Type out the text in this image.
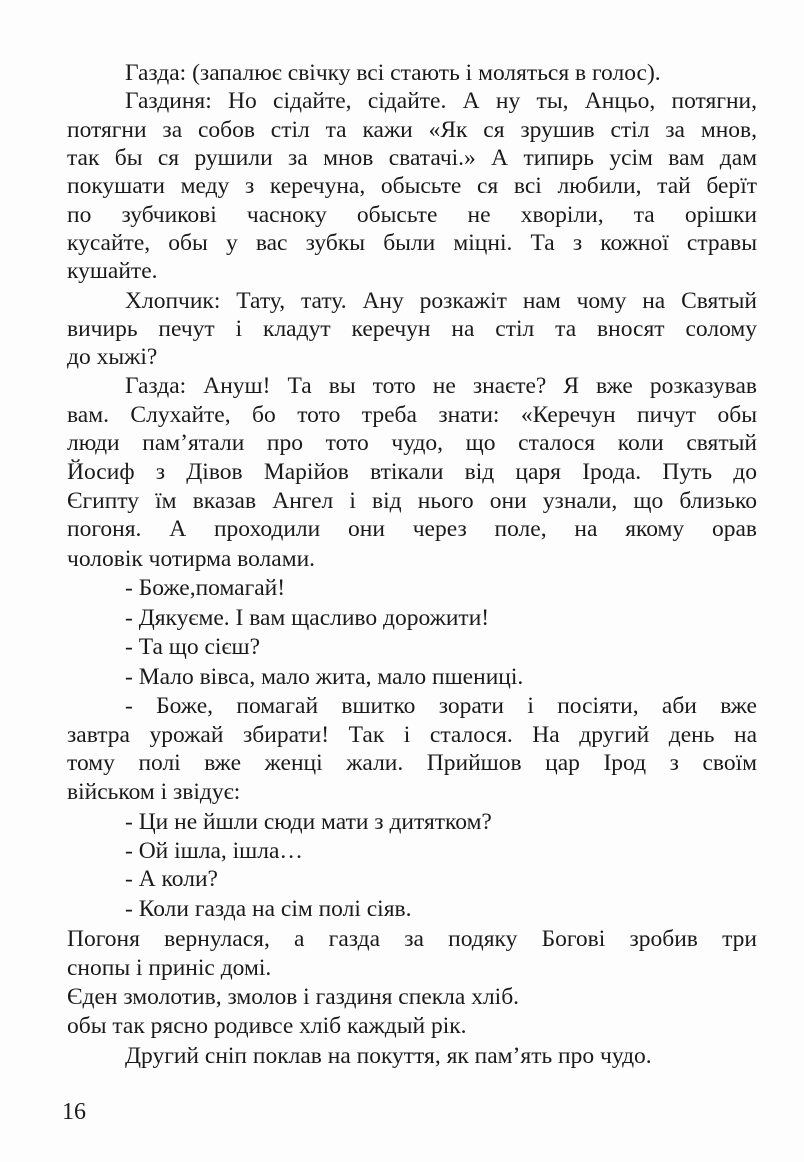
Газда: (запалює свічку всі стають і моляться в голос).
Газдиня: Но сідайте, сідайте. А ну ты, Анцьо, потягни,
потягни за собов стіл та кажи «Як ся зрушив стіл за мнов,
так бы ся рушили за мнов сватачі.» А типирь усім вам дам
покушати меду з керечуна, обысьте ся всі любили, тай берїт
по зубчикові часноку обысьте не хворіли, та орішки
кусайте, обы у вас зубкы были міцні. Та з кожної стравы
кушайте.
Хлопчик: Тату, тату. Ану розкажіт нам чому на Святый
вичирь печут і кладут керечун на стіл та вносят солому
до хыжі?
Газда: Ануш! Та вы тото не знаєте? Я вже розказував
вам. Слухайте, бо тото треба знати: «Керечун пичут обы
люди пам’ятали про тото чудо, що сталося коли святый
Йосиф з Дівов Марійов втікали від царя Ірода. Путь до
Єгипту їм вказав Ангел і від нього они узнали, що близько
погоня. А проходили они через поле, на якому орав
чоловік чотирма волами.
- Боже,помагай!
- Дякуєме. І вам щасливо дорожити!
- Та що сієш?
- Мало вівса, мало жита, мало пшениці.
- Боже, помагай вшитко зорати і посіяти, аби вже
завтра урожай збирати! Так і сталося. На другий день на
тому полі вже женці жали. Прийшов цар Ірод з своїм
військом і звідує:
- Ци не йшли сюди мати з дитятком?
- Ой ішла, ішла…
- А коли?
- Коли газда на сім полі сіяв.
Погоня вернулася, а газда за подяку Богові зробив три
снопы і приніс домі.
Єден змолотив, змолов і газдиня спекла хліб.
обы так рясно родивсе хліб каждый рік.
Другий сніп поклав на покуття, як пам’ять про чудо.
16
